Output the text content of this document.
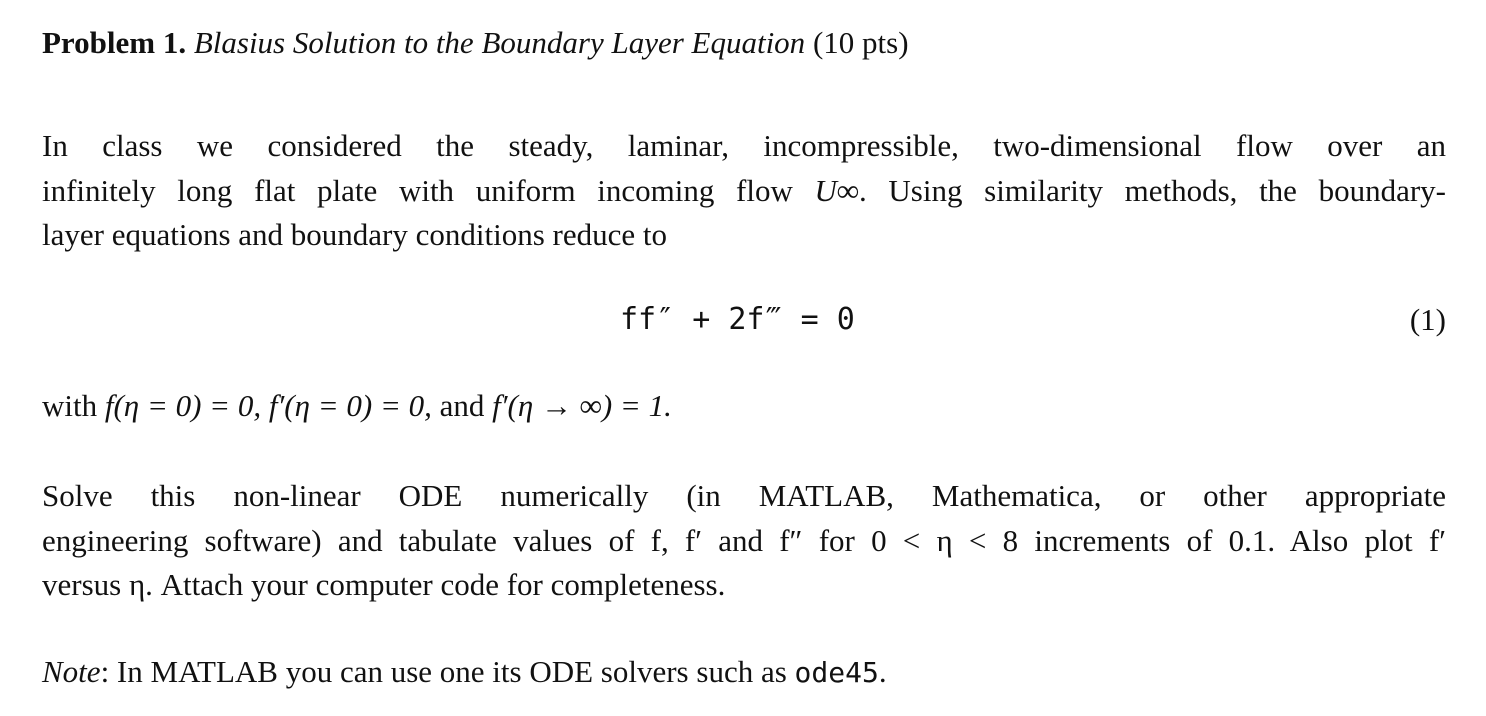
Problem 1. Blasius Solution to the Boundary Layer Equation (10 pts)
In class we considered the steady, laminar, incompressible, two-dimensional flow over an
infinitely long flat plate with uniform incoming flow U∞. Using similarity methods, the boundary-
layer equations and boundary conditions reduce to
ff″ + 2f‴ = 0	(1)
with f(η = 0) = 0, f′(η = 0) = 0, and f′(η → ∞) = 1.
Solve this non-linear ODE numerically (in MATLAB, Mathematica, or other appropriate
engineering software) and tabulate values of f, f′ and f″ for 0 < η < 8 increments of 0.1. Also plot f′
versus η. Attach your computer code for completeness.
Note: In MATLAB you can use one its ODE solvers such as ode45.
